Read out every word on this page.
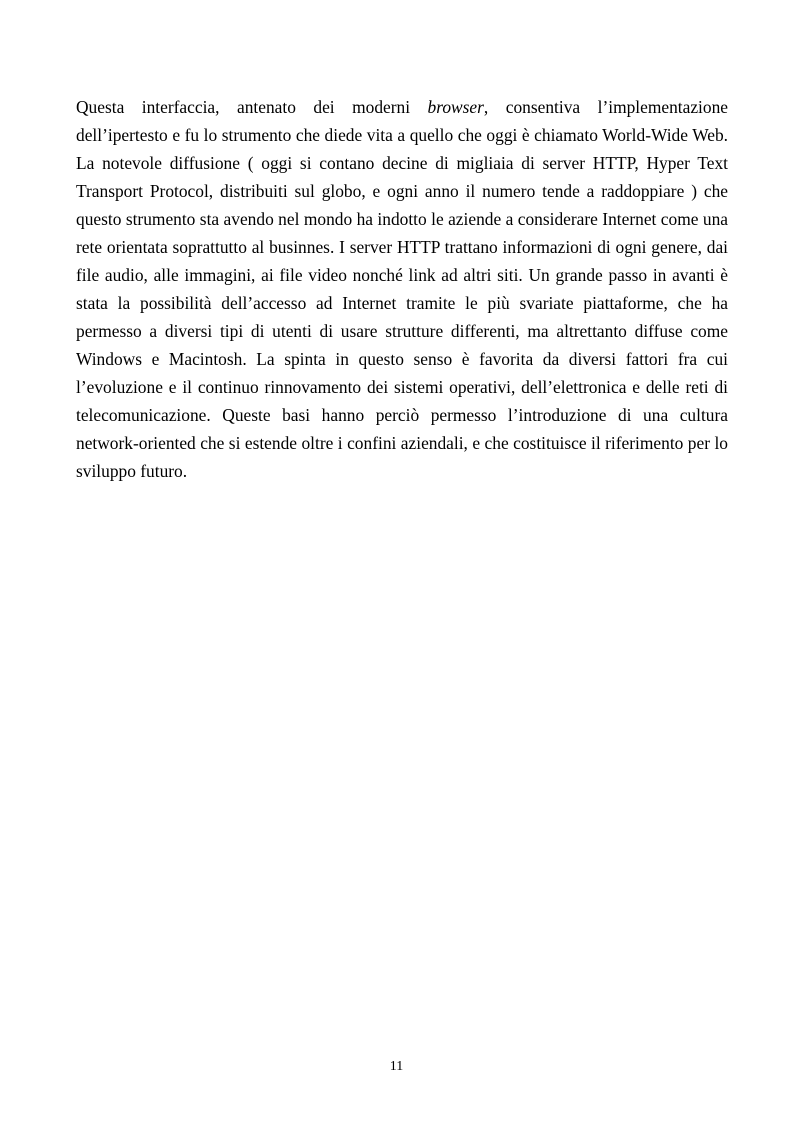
Questa interfaccia, antenato dei moderni browser, consentiva l’implementazione dell’ipertesto e fu lo strumento che diede vita a quello che oggi è chiamato World-Wide Web. La notevole diffusione ( oggi si contano decine di migliaia di server HTTP, Hyper Text Transport Protocol, distribuiti sul globo, e ogni anno il numero tende a raddoppiare ) che questo strumento sta avendo nel mondo ha indotto le aziende a considerare Internet come una rete orientata soprattutto al businnes. I server HTTP trattano informazioni di ogni genere, dai file audio, alle immagini, ai file video nonché link ad altri siti. Un grande passo in avanti è stata la possibilità dell’accesso ad Internet tramite le più svariate piattaforme, che ha permesso a diversi tipi di utenti di usare strutture differenti, ma altrettanto diffuse come Windows e Macintosh. La spinta in questo senso è favorita da diversi fattori fra cui l’evoluzione e il continuo rinnovamento dei sistemi operativi, dell’elettronica e delle reti di telecomunicazione. Queste basi hanno perciò permesso l’introduzione di una cultura network-oriented che si estende oltre i confini aziendali, e che costituisce il riferimento per lo sviluppo futuro.

11
